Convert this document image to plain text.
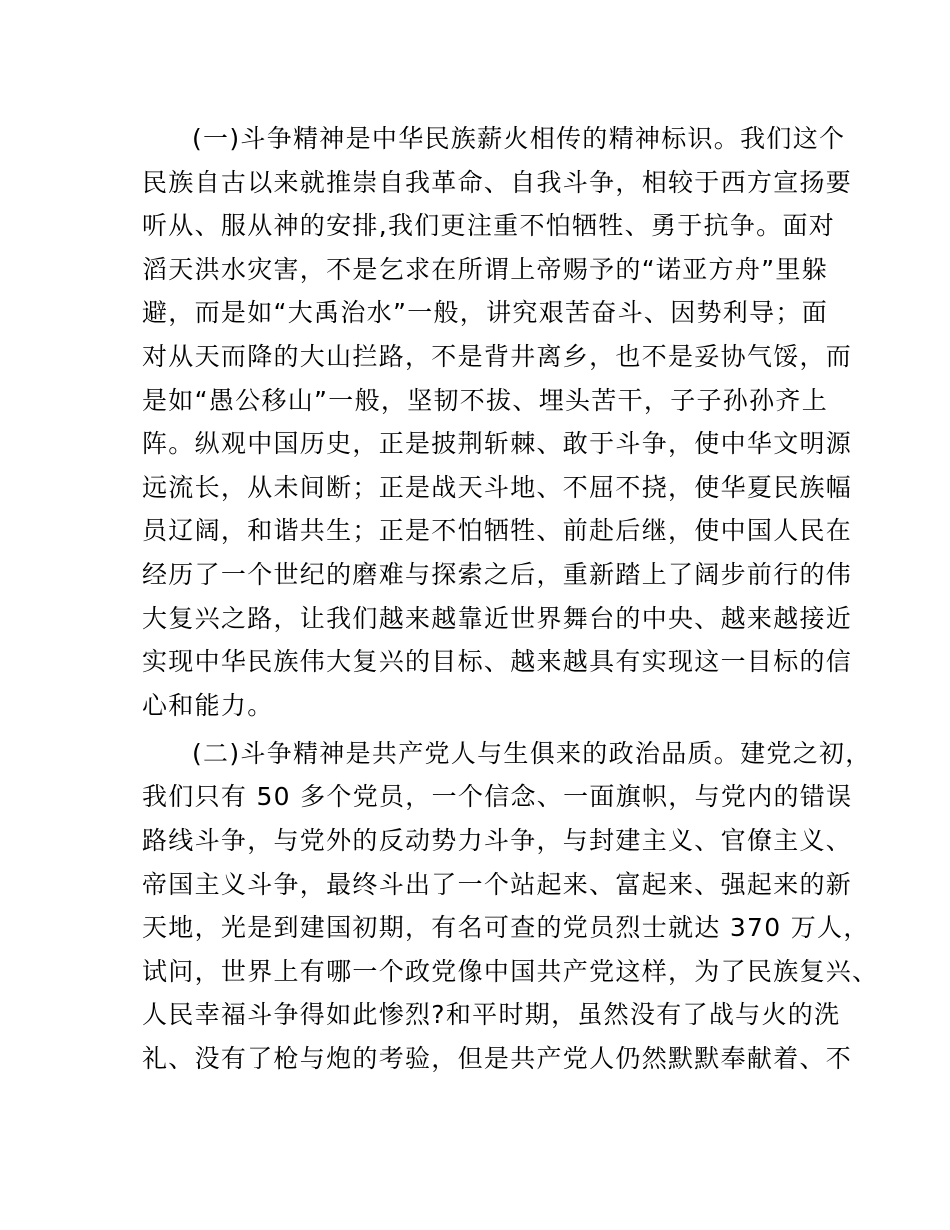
(一)斗争精神是中华民族薪火相传的精神标识。我们这个
民族自古以来就推崇自我革命、自我斗争，相较于西方宣扬要
听从、服从神的安排,我们更注重不怕牺牲、勇于抗争。面对
滔天洪水灾害，不是乞求在所谓上帝赐予的“诺亚方舟”里躲
避，而是如“大禹治水”一般，讲究艰苦奋斗、因势利导；面
对从天而降的大山拦路，不是背井离乡，也不是妥协气馁，而
是如“愚公移山”一般，坚韧不拔、埋头苦干，子子孙孙齐上
阵。纵观中国历史，正是披荆斩棘、敢于斗争，使中华文明源
远流长，从未间断；正是战天斗地、不屈不挠，使华夏民族幅
员辽阔，和谐共生；正是不怕牺牲、前赴后继，使中国人民在
经历了一个世纪的磨难与探索之后，重新踏上了阔步前行的伟
大复兴之路，让我们越来越靠近世界舞台的中央、越来越接近
实现中华民族伟大复兴的目标、越来越具有实现这一目标的信
心和能力。

(二)斗争精神是共产党人与生俱来的政治品质。建党之初，
我们只有 50 多个党员，一个信念、一面旗帜，与党内的错误
路线斗争，与党外的反动势力斗争，与封建主义、官僚主义、
帝国主义斗争，最终斗出了一个站起来、富起来、强起来的新
天地，光是到建国初期，有名可查的党员烈士就达 370 万人，
试问，世界上有哪一个政党像中国共产党这样，为了民族复兴、
人民幸福斗争得如此惨烈?和平时期，虽然没有了战与火的洗
礼、没有了枪与炮的考验，但是共产党人仍然默默奉献着、不
